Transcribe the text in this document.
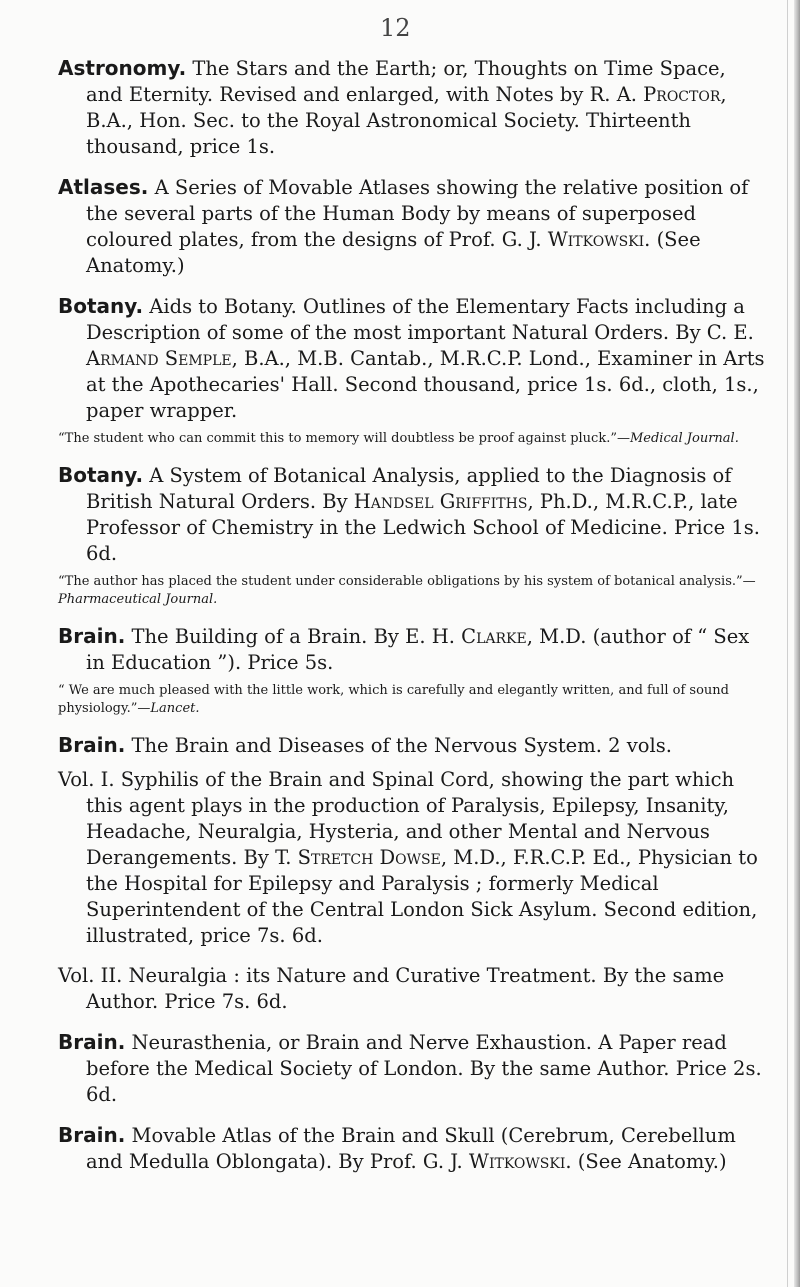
12

Astronomy. The Stars and the Earth; or, Thoughts on Time Space, and Eternity. Revised and enlarged, with Notes by R. A. Proctor, B.A., Hon. Sec. to the Royal Astronomical Society. Thirteenth thousand, price 1s.

Atlases. A Series of Movable Atlases showing the relative position of the several parts of the Human Body by means of superposed coloured plates, from the designs of Prof. G. J. Witkowski. (See Anatomy.)

Botany. Aids to Botany. Outlines of the Elementary Facts including a Description of some of the most important Natural Orders. By C. E. Armand Semple, B.A., M.B. Cantab., M.R.C.P. Lond., Examiner in Arts at the Apothecaries' Hall. Second thousand, price 1s. 6d., cloth, 1s., paper wrapper.

“The student who can commit this to memory will doubtless be proof against pluck.”—Medical Journal.

Botany. A System of Botanical Analysis, applied to the Diagnosis of British Natural Orders. By Handsel Griffiths, Ph.D., M.R.C.P., late Professor of Chemistry in the Ledwich School of Medicine. Price 1s. 6d.

“The author has placed the student under considerable obligations by his system of botanical analysis.”—Pharmaceutical Journal.

Brain. The Building of a Brain. By E. H. Clarke, M.D. (author of “ Sex in Education ”). Price 5s.

“ We are much pleased with the little work, which is carefully and elegantly written, and full of sound physiology.”—Lancet.

Brain. The Brain and Diseases of the Nervous System. 2 vols.

Vol. I. Syphilis of the Brain and Spinal Cord, showing the part which this agent plays in the production of Paralysis, Epilepsy, Insanity, Headache, Neuralgia, Hysteria, and other Mental and Nervous Derangements. By T. Stretch Dowse, M.D., F.R.C.P. Ed., Physician to the Hospital for Epilepsy and Paralysis ; formerly Medical Superintendent of the Central London Sick Asylum. Second edition, illustrated, price 7s. 6d.

Vol. II. Neuralgia : its Nature and Curative Treatment. By the same Author. Price 7s. 6d.

Brain. Neurasthenia, or Brain and Nerve Exhaustion. A Paper read before the Medical Society of London. By the same Author. Price 2s. 6d.

Brain. Movable Atlas of the Brain and Skull (Cerebrum, Cerebellum and Medulla Oblongata). By Prof. G. J. Witkowski. (See Anatomy.)
